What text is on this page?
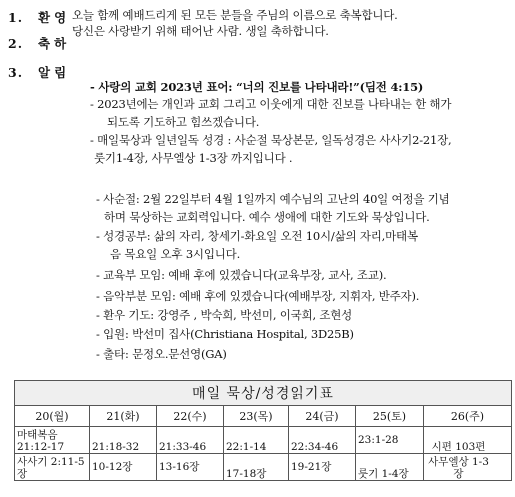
1. 환영 오늘 함께 예배드리게 된 모든 분들을 주님의 이름으로 축복합니다.
당신은 사랑받기 위해 태어난 사람. 생일 축하합니다.
2. 축하
3. 알림
- 사랑의 교회 2023년 표어: “너의 진보를 나타내라!”(딤전 4:15)
- 2023년에는 개인과 교회 그리고 이웃에게 대한 진보를 나타내는 한 해가
되도록 기도하고 힘쓰겠습니다.
- 매일묵상과 일년일독 성경 : 사순절 묵상본문, 일독성경은 사사기2-21장,
룻기1-4장, 사무엘상 1-3장 까지입니다 .
- 사순절: 2월 22일부터 4월 1일까지 예수님의 고난의 40일 여정을 기념
하며 묵상하는 교회력입니다. 예수 생애에 대한 기도와 묵상입니다.
- 성경공부: 삶의 자리, 창세기-화요일 오전 10시/삶의 자리,마태복
음 목요일 오후 3시입니다.
- 교육부 모임: 예배 후에 있겠습니다(교육부장, 교사, 조교).
- 음악부분 모임: 예배 후에 있겠습니다(예배부장, 지휘자, 반주자).
- 환우 기도: 강영주 , 박숙희, 박선미, 이국희, 조현성
- 입원: 박선미 집사(Christiana Hospital, 3D25B)
- 출타: 문정오.문선영(GA)
매일 묵상/성경읽기표						
20(월)	21(화)	22(수)	23(목)	24(금)	25(토)	26(주)
마태복음 21:12-17	21:18-32	21:33-46	22:1-14	22:34-46	23:1-28	시편 103편
사사기 2:11-5장	10-12장	13-16장	17-18장	19-21장	룻기 1-4장	사무엘상 1-3장
